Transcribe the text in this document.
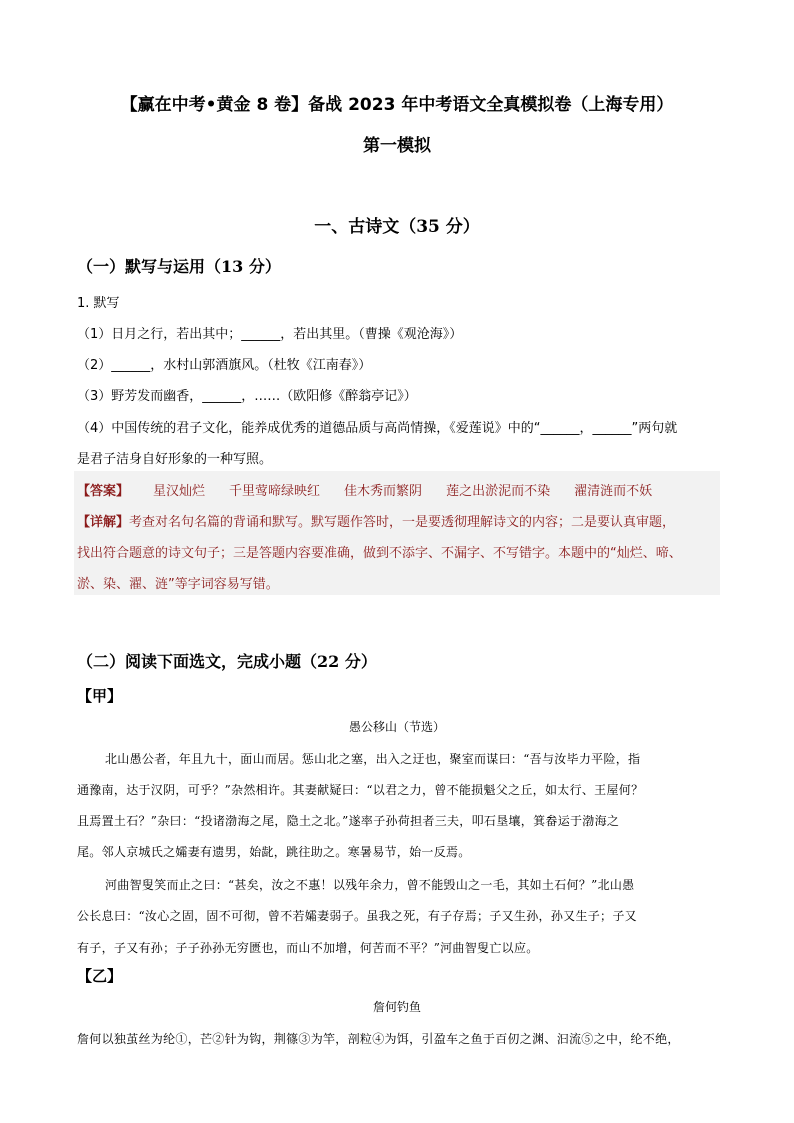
【赢在中考•黄金 8 卷】备战 2023 年中考语文全真模拟卷（上海专用）
第一模拟
一、古诗文（35 分）
（一）默写与运用（13 分）
1. 默写
（1）日月之行，若出其中；______，若出其里。（曹操《观沧海》）
（2）______，水村山郭酒旗风。（杜牧《江南春》）
（3）野芳发而幽香，______，……（欧阳修《醉翁亭记》）
（4）中国传统的君子文化，能养成优秀的道德品质与高尚情操，《爱莲说》中的“______，______”两句就
是君子洁身自好形象的一种写照。
【答案】 星汉灿烂 千里莺啼绿映红 佳木秀而繁阴 莲之出淤泥而不染 濯清涟而不妖
【详解】考查对名句名篇的背诵和默写。默写题作答时，一是要透彻理解诗文的内容；二是要认真审题，
找出符合题意的诗文句子；三是答题内容要准确，做到不添字、不漏字、不写错字。本题中的“灿烂、啼、
淤、染、濯、涟”等字词容易写错。
（二）阅读下面选文，完成小题（22 分）
【甲】
愚公移山（节选）
北山愚公者，年且九十，面山而居。惩山北之塞，出入之迂也，聚室而谋曰：“吾与汝毕力平险，指
通豫南，达于汉阴，可乎？”杂然相许。其妻献疑曰：“以君之力，曾不能损魁父之丘，如太行、王屋何？
且焉置土石？”杂曰：“投诸渤海之尾，隐土之北。”遂率子孙荷担者三夫，叩石垦壤，箕畚运于渤海之
尾。邻人京城氏之孀妻有遗男，始龀，跳往助之。寒暑易节，始一反焉。
河曲智叟笑而止之曰：“甚矣，汝之不惠！以残年余力，曾不能毁山之一毛，其如土石何？”北山愚
公长息曰：“汝心之固，固不可彻，曾不若孀妻弱子。虽我之死，有子存焉；子又生孙，孙又生子；子又
有子，子又有孙；子子孙孙无穷匮也，而山不加增，何苦而不平？”河曲智叟亡以应。
【乙】
詹何钓鱼
詹何以独茧丝为纶①，芒②针为钩，荆篠③为竿，剖粒④为饵，引盈车之鱼于百仞之渊、汩流⑤之中，纶不绝，
